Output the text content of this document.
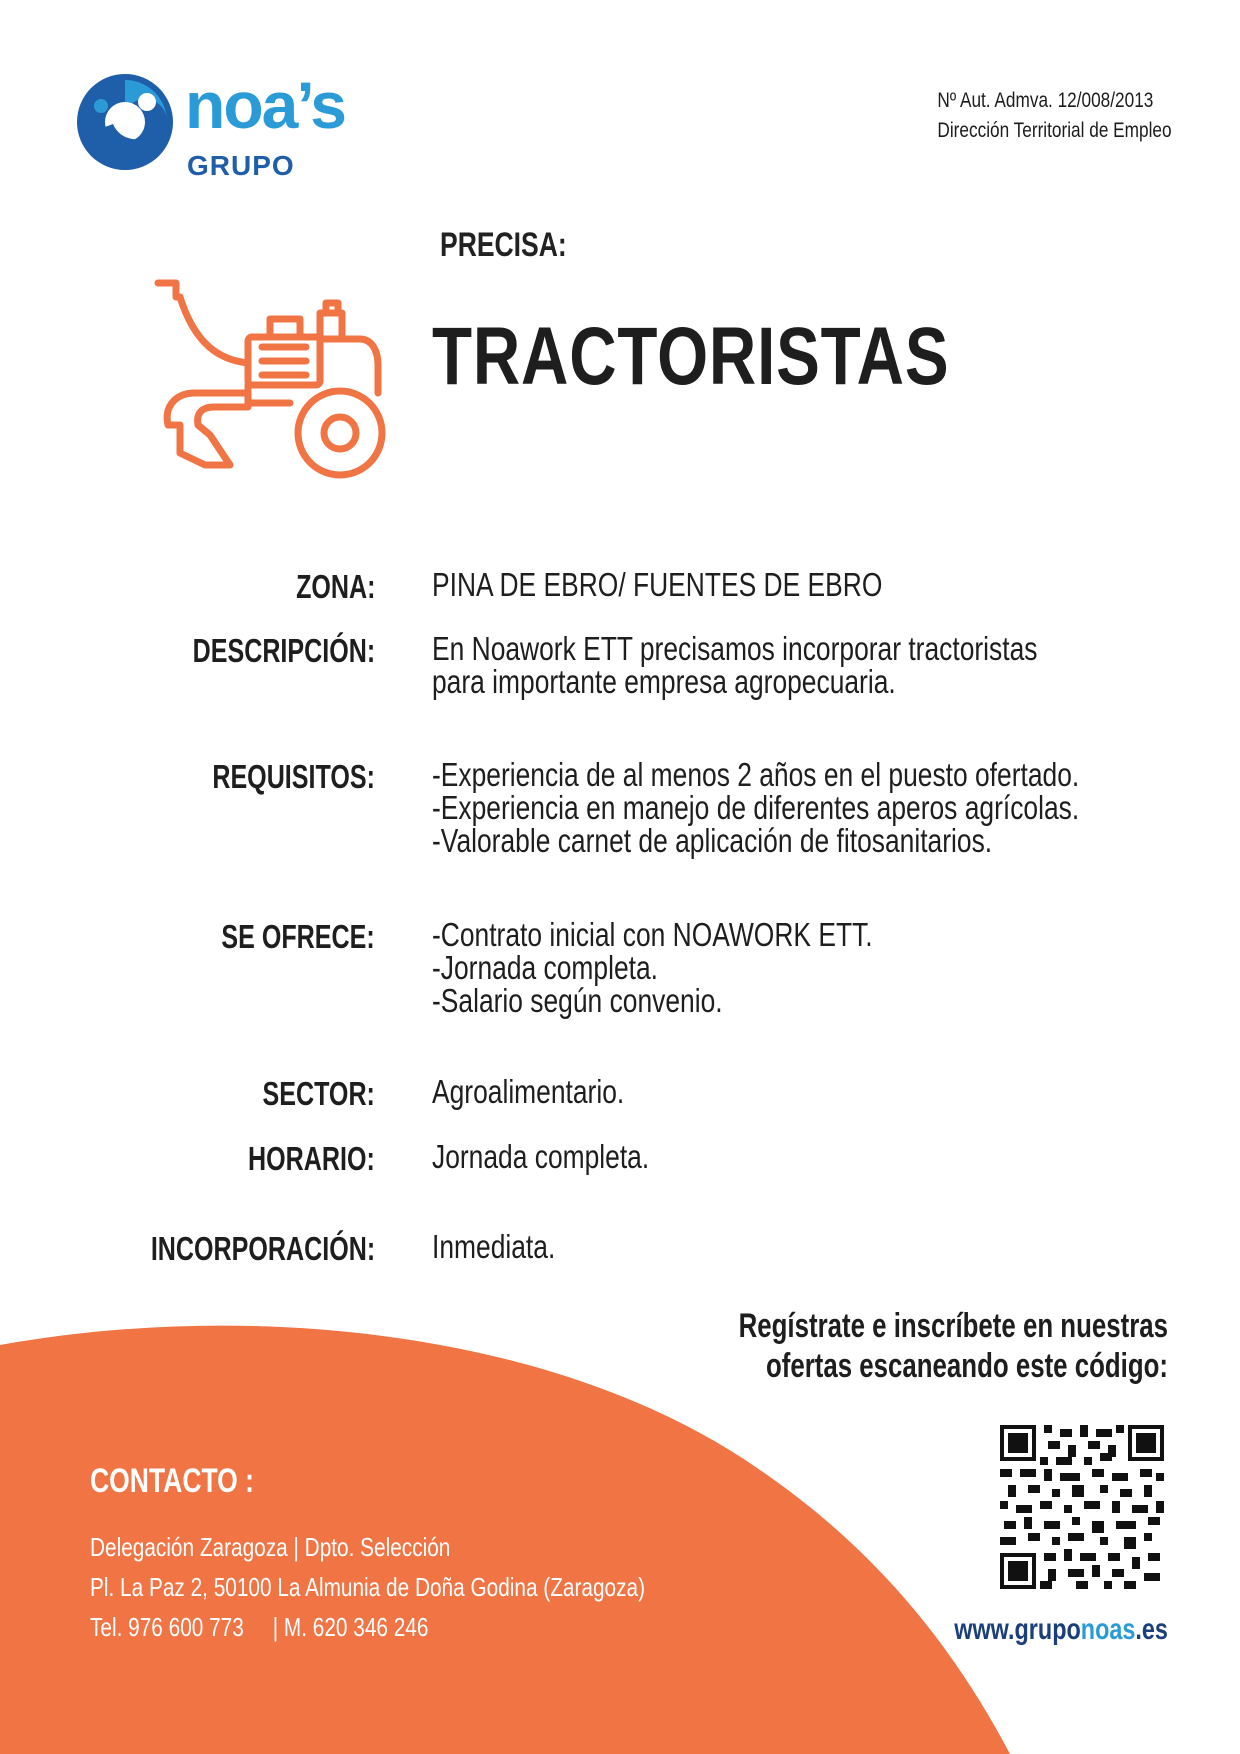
noa’s
GRUPO
Nº Aut. Admva. 12/008/2013
Dirección Territorial de Empleo
PRECISA:
TRACTORISTAS
ZONA: PINA DE EBRO/ FUENTES DE EBRO
DESCRIPCIÓN: En Noawork ETT precisamos incorporar tractoristas
para importante empresa agropecuaria.
REQUISITOS: -Experiencia de al menos 2 años en el puesto ofertado.
-Experiencia en manejo de diferentes aperos agrícolas.
-Valorable carnet de aplicación de fitosanitarios.
SE OFRECE: -Contrato inicial con NOAWORK ETT.
-Jornada completa.
-Salario según convenio.
SECTOR: Agroalimentario.
HORARIO: Jornada completa.
INCORPORACIÓN: Inmediata.
Regístrate e inscríbete en nuestras
ofertas escaneando este código:
www.gruponoas.es
CONTACTO :
Delegación Zaragoza | Dpto. Selección
Pl. La Paz 2, 50100 La Almunia de Doña Godina (Zaragoza)
Tel. 976 600 773     | M. 620 346 246
